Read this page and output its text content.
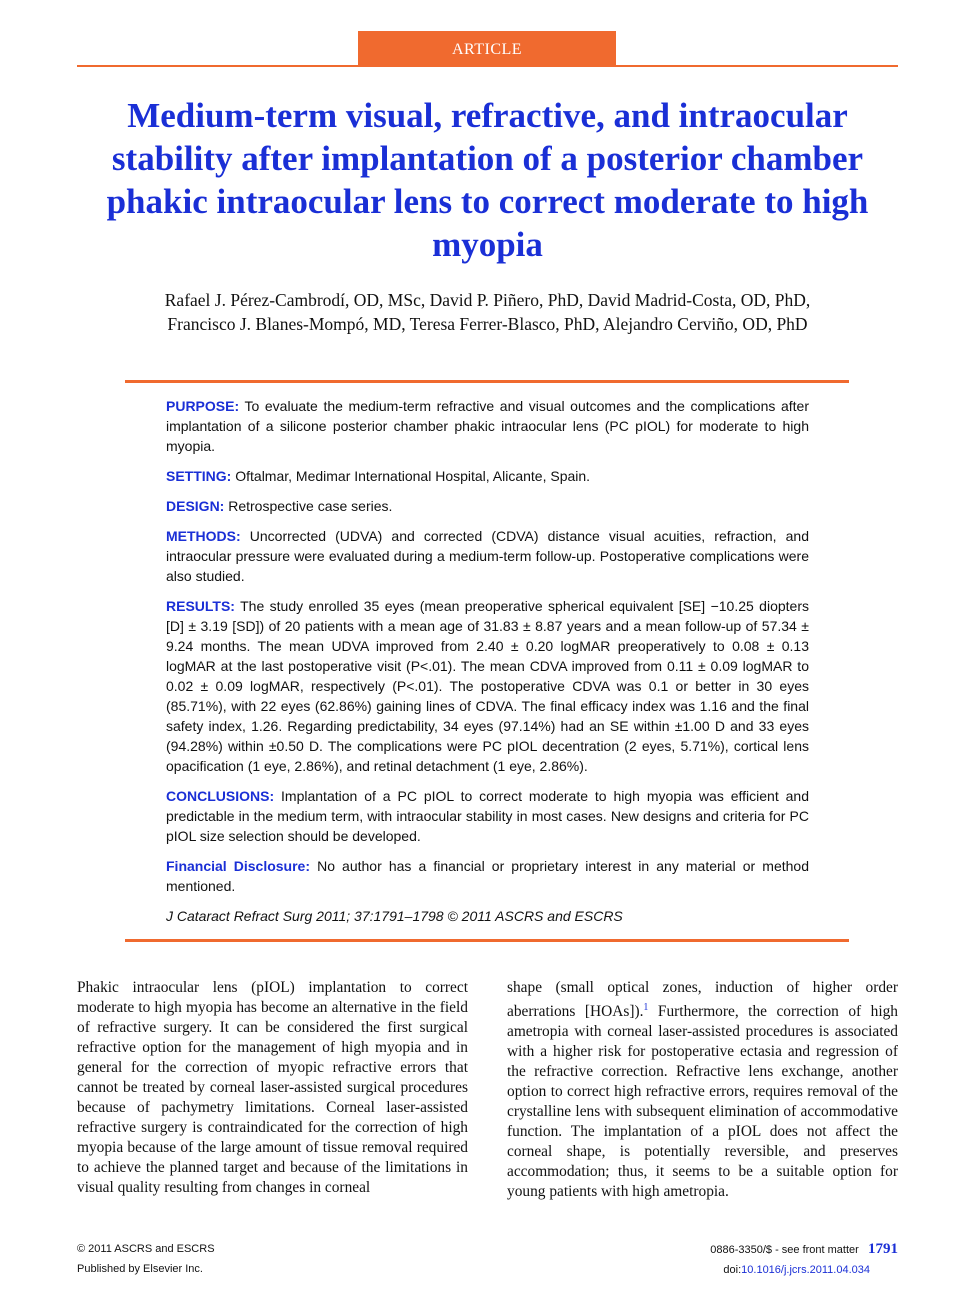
ARTICLE
Medium-term visual, refractive, and intraocular stability after implantation of a posterior chamber phakic intraocular lens to correct moderate to high myopia
Rafael J. Pérez-Cambrodí, OD, MSc, David P. Piñero, PhD, David Madrid-Costa, OD, PhD,
Francisco J. Blanes-Mompó, MD, Teresa Ferrer-Blasco, PhD, Alejandro Cerviño, OD, PhD

PURPOSE: To evaluate the medium-term refractive and visual outcomes and the complications after implantation of a silicone posterior chamber phakic intraocular lens (PC pIOL) for moderate to high myopia.

SETTING: Oftalmar, Medimar International Hospital, Alicante, Spain.

DESIGN: Retrospective case series.

METHODS: Uncorrected (UDVA) and corrected (CDVA) distance visual acuities, refraction, and intraocular pressure were evaluated during a medium-term follow-up. Postoperative complications were also studied.

RESULTS: The study enrolled 35 eyes (mean preoperative spherical equivalent [SE] −10.25 diopters [D] ± 3.19 [SD]) of 20 patients with a mean age of 31.83 ± 8.87 years and a mean follow-up of 57.34 ± 9.24 months. The mean UDVA improved from 2.40 ± 0.20 logMAR preoperatively to 0.08 ± 0.13 logMAR at the last postoperative visit (P<.01). The mean CDVA improved from 0.11 ± 0.09 logMAR to 0.02 ± 0.09 logMAR, respectively (P<.01). The postoperative CDVA was 0.1 or better in 30 eyes (85.71%), with 22 eyes (62.86%) gaining lines of CDVA. The final efficacy index was 1.16 and the final safety index, 1.26. Regarding predictability, 34 eyes (97.14%) had an SE within ±1.00 D and 33 eyes (94.28%) within ±0.50 D. The complications were PC pIOL decentration (2 eyes, 5.71%), cortical lens opacification (1 eye, 2.86%), and retinal detachment (1 eye, 2.86%).

CONCLUSIONS: Implantation of a PC pIOL to correct moderate to high myopia was efficient and predictable in the medium term, with intraocular stability in most cases. New designs and criteria for PC pIOL size selection should be developed.

Financial Disclosure: No author has a financial or proprietary interest in any material or method mentioned.

J Cataract Refract Surg 2011; 37:1791–1798 © 2011 ASCRS and ESCRS

Phakic intraocular lens (pIOL) implantation to correct moderate to high myopia has become an alternative in the field of refractive surgery. It can be considered the first surgical refractive option for the management of high myopia and in general for the correction of myopic refractive errors that cannot be treated by corneal laser-assisted surgical procedures because of pachymetry limitations. Corneal laser-assisted refractive surgery is contraindicated for the correction of high myopia because of the large amount of tissue removal required to achieve the planned target and because of the limitations in visual quality resulting from changes in corneal

shape (small optical zones, induction of higher order aberrations [HOAs]).$^1$ Furthermore, the correction of high ametropia with corneal laser-assisted procedures is associated with a higher risk for postoperative ectasia and regression of the refractive correction. Refractive lens exchange, another option to correct high refractive errors, requires removal of the crystalline lens with subsequent elimination of accommodative function. The implantation of a pIOL does not affect the corneal shape, is potentially reversible, and preserves accommodation; thus, it seems to be a suitable option for young patients with high ametropia.

© 2011 ASCRS and ESCRS
Published by Elsevier Inc.
0886-3350/$ - see front matter 1791
doi:10.1016/j.jcrs.2011.04.034
